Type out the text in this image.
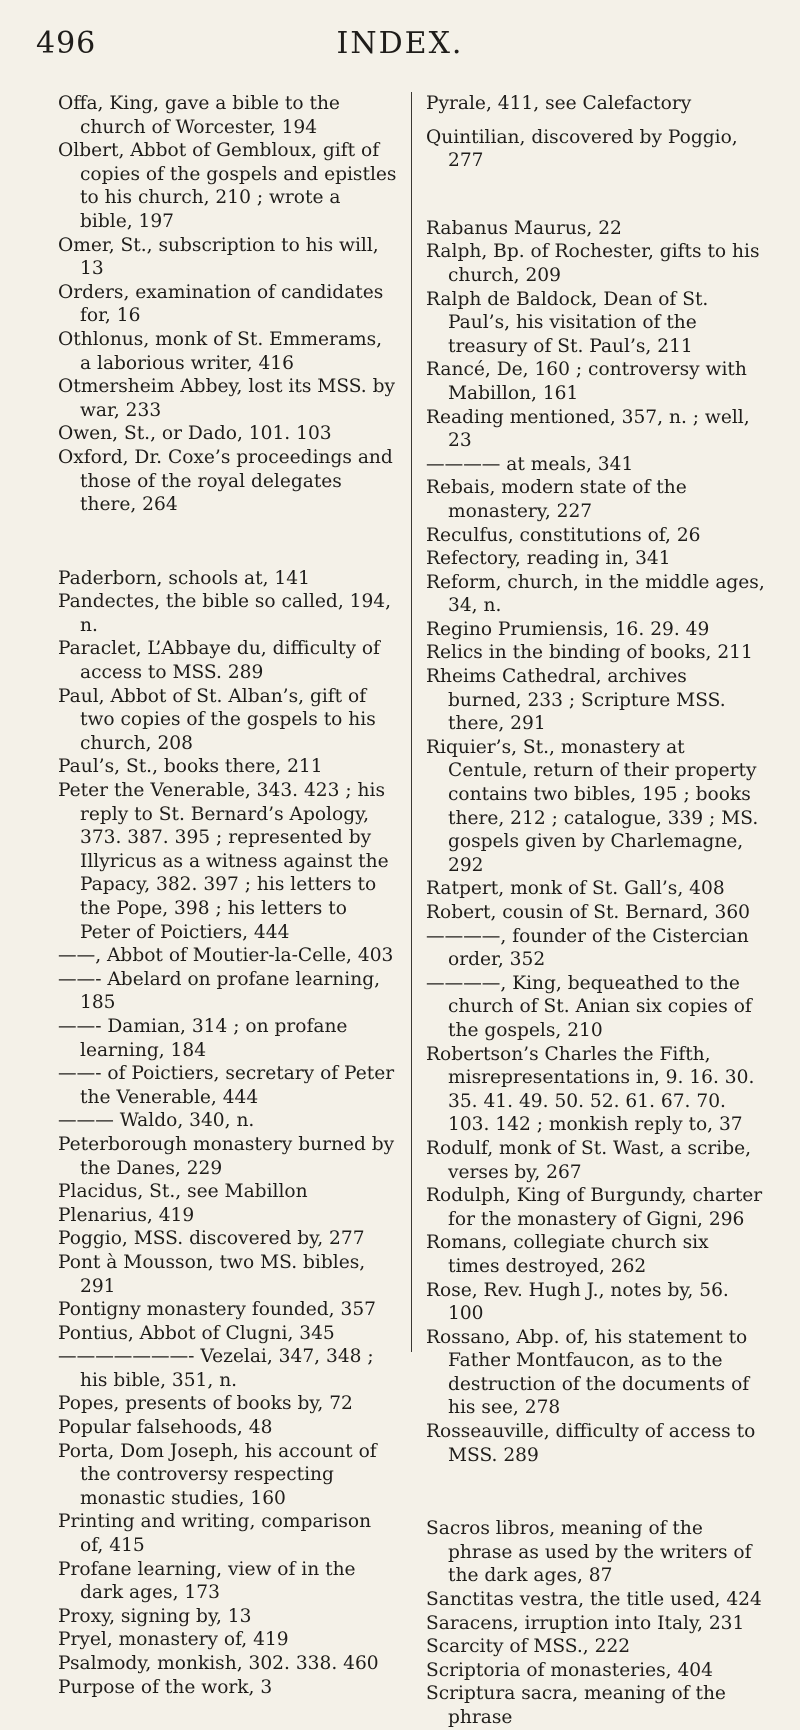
496	INDEX.

Offa, King, gave a bible to the church of Worcester, 194

Olbert, Abbot of Gembloux, gift of copies of the gospels and epistles to his church, 210 ; wrote a bible, 197

Omer, St., subscription to his will, 13

Orders, examination of candidates for, 16

Othlonus, monk of St. Emmerams, a laborious writer, 416

Otmersheim Abbey, lost its MSS. by war, 233

Owen, St., or Dado, 101. 103

Oxford, Dr. Coxe’s proceedings and those of the royal delegates there, 264

Paderborn, schools at, 141

Pandectes, the bible so called, 194, n.

Paraclet, L’Abbaye du, difficulty of access to MSS. 289

Paul, Abbot of St. Alban’s, gift of two copies of the gospels to his church, 208

Paul’s, St., books there, 211

Peter the Venerable, 343. 423 ; his reply to St. Bernard’s Apology, 373. 387. 395 ; represented by Illyricus as a witness against the Papacy, 382. 397 ; his letters to the Pope, 398 ; his letters to Peter of Poictiers, 444

——, Abbot of Moutier-la-Celle, 403

——- Abelard on profane learning, 185

——- Damian, 314 ; on profane learning, 184

——- of Poictiers, secretary of Peter the Venerable, 444

——— Waldo, 340, n.

Peterborough monastery burned by the Danes, 229

Placidus, St., see Mabillon

Plenarius, 419

Poggio, MSS. discovered by, 277

Pont à Mousson, two MS. bibles, 291

Pontigny monastery founded, 357

Pontius, Abbot of Clugni, 345

———————- Vezelai, 347, 348 ; his bible, 351, n.

Popes, presents of books by, 72

Popular falsehoods, 48

Porta, Dom Joseph, his account of the controversy respecting monastic studies, 160

Printing and writing, comparison of, 415

Profane learning, view of in the dark ages, 173

Proxy, signing by, 13

Pryel, monastery of, 419

Psalmody, monkish, 302. 338. 460

Purpose of the work, 3

Pyrale, 411, see Calefactory

Quintilian, discovered by Poggio, 277

Rabanus Maurus, 22

Ralph, Bp. of Rochester, gifts to his church, 209

Ralph de Baldock, Dean of St. Paul’s, his visitation of the treasury of St. Paul’s, 211

Rancé, De, 160 ; controversy with Mabillon, 161

Reading mentioned, 357, n. ; well, 23

———— at meals, 341

Rebais, modern state of the monastery, 227

Reculfus, constitutions of, 26

Refectory, reading in, 341

Reform, church, in the middle ages, 34, n.

Regino Prumiensis, 16. 29. 49

Relics in the binding of books, 211

Rheims Cathedral, archives burned, 233 ; Scripture MSS. there, 291

Riquier’s, St., monastery at Centule, return of their property contains two bibles, 195 ; books there, 212 ; catalogue, 339 ; MS. gospels given by Charlemagne, 292

Ratpert, monk of St. Gall’s, 408

Robert, cousin of St. Bernard, 360

————, founder of the Cistercian order, 352

————, King, bequeathed to the church of St. Anian six copies of the gospels, 210

Robertson’s Charles the Fifth, misrepresentations in, 9. 16. 30. 35. 41. 49. 50. 52. 61. 67. 70. 103. 142 ; monkish reply to, 37

Rodulf, monk of St. Wast, a scribe, verses by, 267

Rodulph, King of Burgundy, charter for the monastery of Gigni, 296

Romans, collegiate church six times destroyed, 262

Rose, Rev. Hugh J., notes by, 56. 100

Rossano, Abp. of, his statement to Father Montfaucon, as to the destruction of the documents of his see, 278

Rosseauville, difficulty of access to MSS. 289

Sacros libros, meaning of the phrase as used by the writers of the dark ages, 87

Sanctitas vestra, the title used, 424

Saracens, irruption into Italy, 231

Scarcity of MSS., 222

Scriptoria of monasteries, 404

Scriptura sacra, meaning of the phrase
